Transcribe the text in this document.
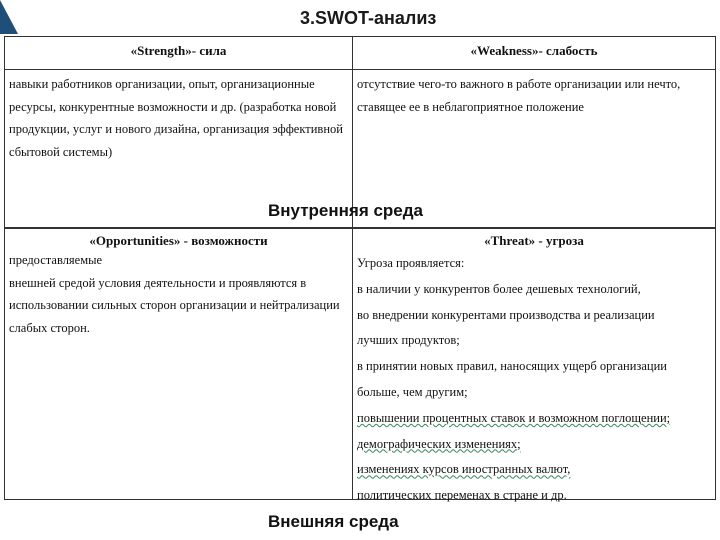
3.SWOT-анализ
«Strength»- сила
навыки работников организации, опыт, организационные
ресурсы, конкурентные возможности и др. (разработка новой
продукции, услуг и нового дизайна, организация эффективной
сбытовой системы)
«Weakness»- слабость
отсутствие чего-то важного в работе организации или нечто,
ставящее ее в неблагоприятное положение
Внутренняя среда
«Opportunities» - возможности
предоставляемые
внешней средой условия деятельности и проявляются в
использовании сильных сторон организации и нейтрализации
слабых сторон.
«Threat» - угроза
Угроза проявляется:
в наличии у конкурентов более дешевых технологий,
во внедрении конкурентами производства и реализации
лучших продуктов;
в принятии новых правил, наносящих ущерб организации
больше, чем другим;
повышении процентных ставок и возможном поглощении;
демографических изменениях;
изменениях курсов иностранных валют,
политических переменах в стране и др.
Внешняя среда
